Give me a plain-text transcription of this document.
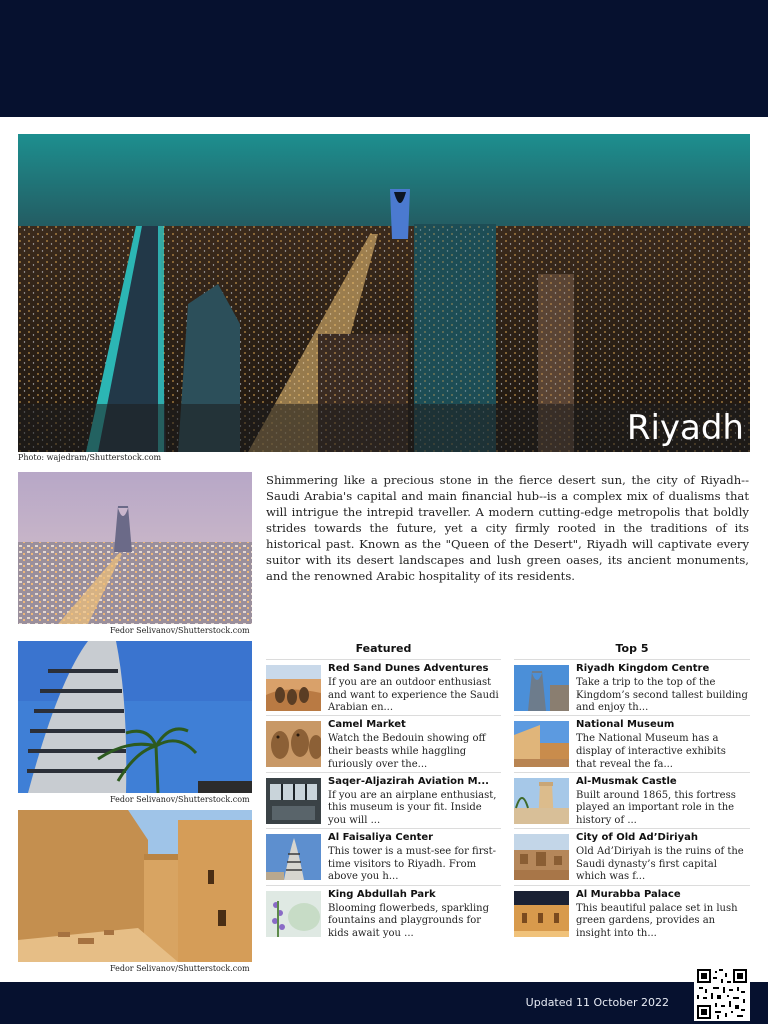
Riyadh
Photo: wajedram/Shutterstock.com
Fedor Selivanov/Shutterstock.com
Fedor Selivanov/Shutterstock.com
Fedor Selivanov/Shutterstock.com
Shimmering like a precious stone in the fierce desert sun, the city of Riyadh--Saudi Arabia's capital and main financial hub--is a complex mix of dualisms that will intrigue the intrepid traveller. A modern cutting-edge metropolis that boldly strides towards the future, yet a city firmly rooted in the traditions of its historical past. Known as the "Queen of the Desert", Riyadh will captivate every suitor with its desert landscapes and lush green oases, its ancient monuments, and the renowned Arabic hospitality of its residents.
Featured	Top 5
Red Sand Dunes Adventures
If you are an outdoor enthusiast and want to experience the Saudi Arabian en...
Camel Market
Watch the Bedouin showing off their beasts while haggling furiously over the...
Saqer-Aljazirah Aviation M...
If you are an airplane enthusiast, this museum is your fit. Inside you will ...
Al Faisaliya Center
This tower is a must-see for first-time visitors to Riyadh. From above you h...
King Abdullah Park
Blooming flowerbeds, sparkling fountains and playgrounds for kids await you ...
Riyadh Kingdom Centre
Take a trip to the top of the Kingdom’s second tallest building and enjoy th...
National Museum
The National Museum has a display of interactive exhibits that reveal the fa...
Al-Musmak Castle
Built around 1865, this fortress played an important role in the history of ...
City of Old Ad’Diriyah
Old Ad’Diriyah is the ruins of the Saudi dynasty’s first capital which was f...
Al Murabba Palace
This beautiful palace set in lush green gardens, provides an insight into th...
Updated 11 October 2022
